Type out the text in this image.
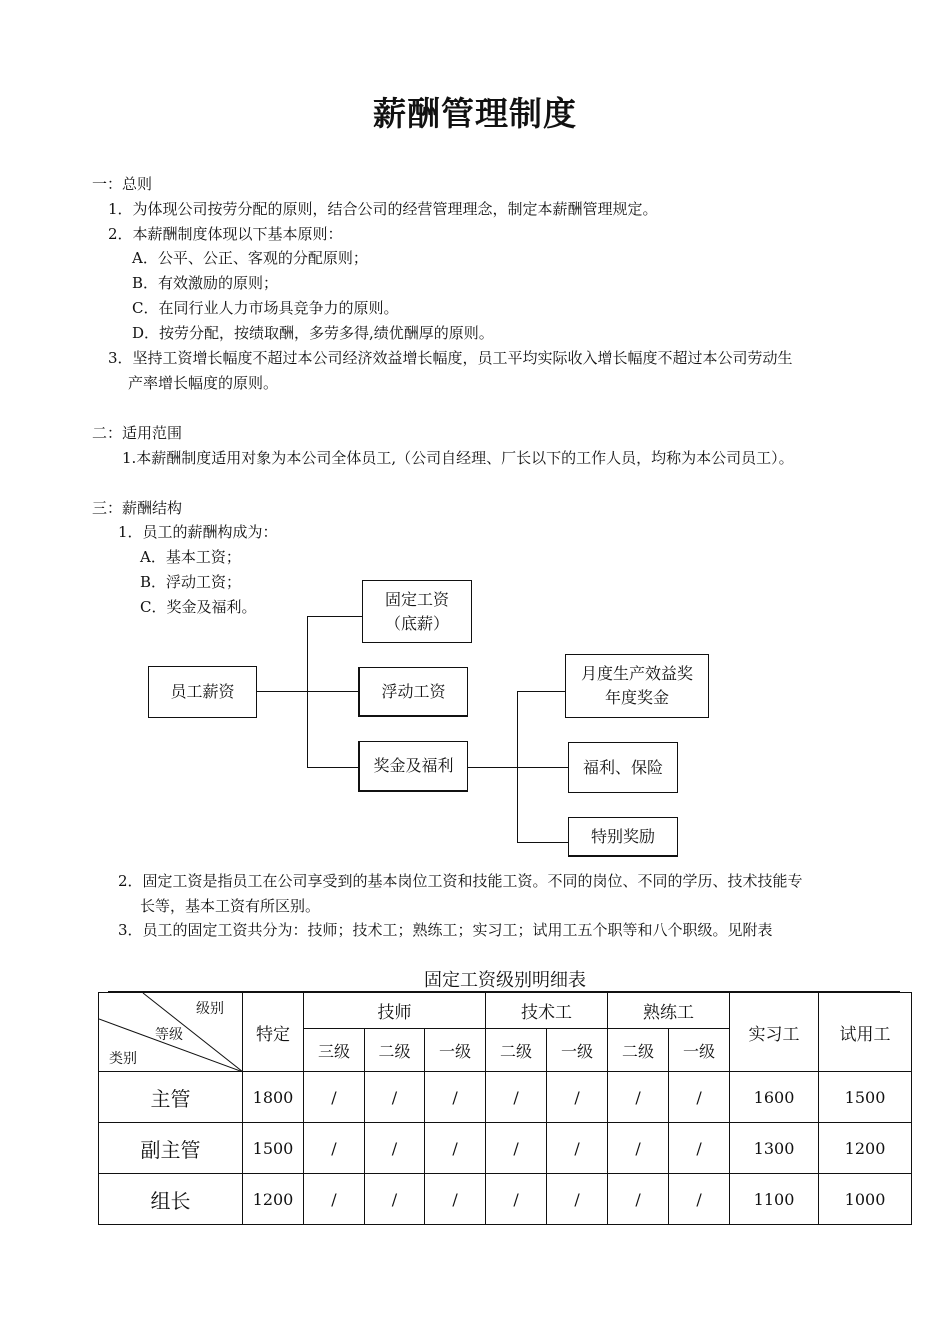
薪酬管理制度
一：总则
1．为体现公司按劳分配的原则，结合公司的经营管理理念，制定本薪酬管理规定。
2．本薪酬制度体现以下基本原则：
A．公平、公正、客观的分配原则；
B．有效激励的原则；
C．在同行业人力市场具竞争力的原则。
D．按劳分配，按绩取酬，多劳多得,绩优酬厚的原则。
3．坚持工资增长幅度不超过本公司经济效益增长幅度，员工平均实际收入增长幅度不超过本公司劳动生
产率增长幅度的原则。
二：适用范围
1.本薪酬制度适用对象为本公司全体员工,（公司自经理、厂长以下的工作人员，均称为本公司员工）。
三：薪酬结构
1．员工的薪酬构成为：
A．基本工资；
B．浮动工资；
C．奖金及福利。
员工薪资
固定工资
（底薪）
浮动工资
奖金及福利
月度生产效益奖
年度奖金
福利、保险
特别奖励
2．固定工资是指员工在公司享受到的基本岗位工资和技能工资。不同的岗位、不同的学历、技术技能专
长等，基本工资有所区别。
3．员工的固定工资共分为：技师；技术工；熟练工；实习工；试用工五个职等和八个职级。见附表
固定工资级别明细表
级别
等级
类别	特定	技师			技术工		熟练工		实习工	试用工
		三级	二级	一级	二级	一级	二级	一级		
主管	1800	/	/	/	/	/	/	/	1600	1500
副主管	1500	/	/	/	/	/	/	/	1300	1200
组长	1200	/	/	/	/	/	/	/	1100	1000
